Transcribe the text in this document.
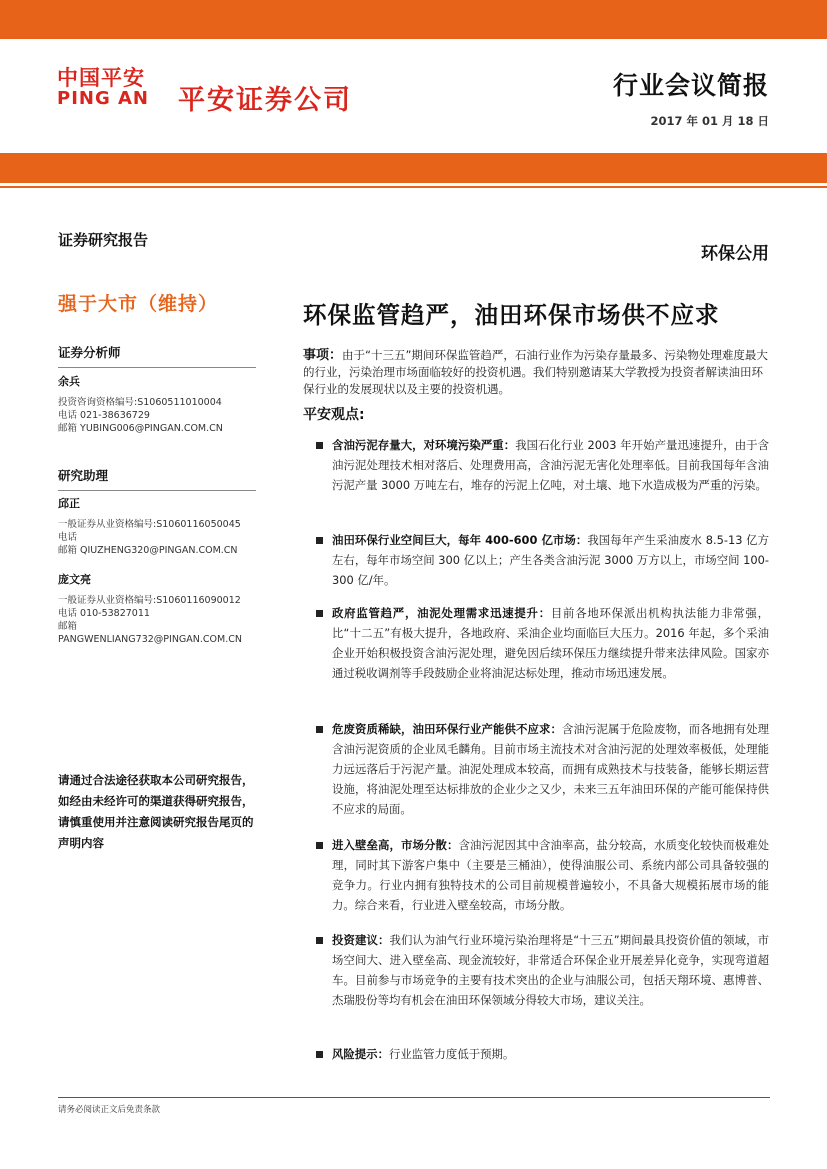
中国平安
PING AN 平安证券公司	行业会议简报
2017 年 01 月 18 日
证券研究报告
环保公用
强于大市（维持）	环保监管趋严，油田环保市场供不应求
证券分析师
余兵
投资咨询资格编号:S1060511010004
电话 021-38636729
邮箱 YUBING006@PINGAN.COM.CN
研究助理
邱正
一般证券从业资格编号:S1060116050045
电话
邮箱 QIUZHENG320@PINGAN.COM.CN
庞文亮
一般证券从业资格编号:S1060116090012
电话 010-53827011
邮箱
PANGWENLIANG732@PINGAN.COM.CN
请通过合法途径获取本公司研究报告，如经由未经许可的渠道获得研究报告，请慎重使用并注意阅读研究报告尾页的声明内容
事项：由于“十三五”期间环保监管趋严，石油行业作为污染存量最多、污染物处理难度最大的行业，污染治理市场面临较好的投资机遇。我们特别邀请某大学教授为投资者解读油田环保行业的发展现状以及主要的投资机遇。
平安观点:
含油污泥存量大，对环境污染严重：我国石化行业 2003 年开始产量迅速提升，由于含油污泥处理技术相对落后、处理费用高，含油污泥无害化处理率低。目前我国每年含油污泥产量 3000 万吨左右，堆存的污泥上亿吨，对土壤、地下水造成极为严重的污染。
油田环保行业空间巨大，每年 400-600 亿市场：我国每年产生采油废水 8.5-13 亿方左右，每年市场空间 300 亿以上；产生各类含油污泥 3000 万方以上，市场空间 100-300 亿/年。
政府监管趋严，油泥处理需求迅速提升：目前各地环保派出机构执法能力非常强，比“十二五”有极大提升，各地政府、采油企业均面临巨大压力。2016 年起，多个采油企业开始积极投资含油污泥处理，避免因后续环保压力继续提升带来法律风险。国家亦通过税收调剂等手段鼓励企业将油泥达标处理，推动市场迅速发展。
危废资质稀缺，油田环保行业产能供不应求：含油污泥属于危险废物，而各地拥有处理含油污泥资质的企业凤毛麟角。目前市场主流技术对含油污泥的处理效率极低，处理能力远远落后于污泥产量。油泥处理成本较高，而拥有成熟技术与技装备，能够长期运营设施，将油泥处理至达标排放的企业少之又少，未来三五年油田环保的产能可能保持供不应求的局面。
进入壁垒高，市场分散：含油污泥因其中含油率高，盐分较高，水质变化较快而极难处理，同时其下游客户集中（主要是三桶油），使得油服公司、系统内部公司具备较强的竞争力。行业内拥有独特技术的公司目前规模普遍较小，不具备大规模拓展市场的能力。综合来看，行业进入壁垒较高，市场分散。
投资建议：我们认为油气行业环境污染治理将是“十三五”期间最具投资价值的领域，市场空间大、进入壁垒高、现金流较好，非常适合环保企业开展差异化竞争，实现弯道超车。目前参与市场竞争的主要有技术突出的企业与油服公司，包括天翔环境、惠博普、杰瑞股份等均有机会在油田环保领域分得较大市场，建议关注。
风险提示：行业监管力度低于预期。
请务必阅读正文后免责条款
